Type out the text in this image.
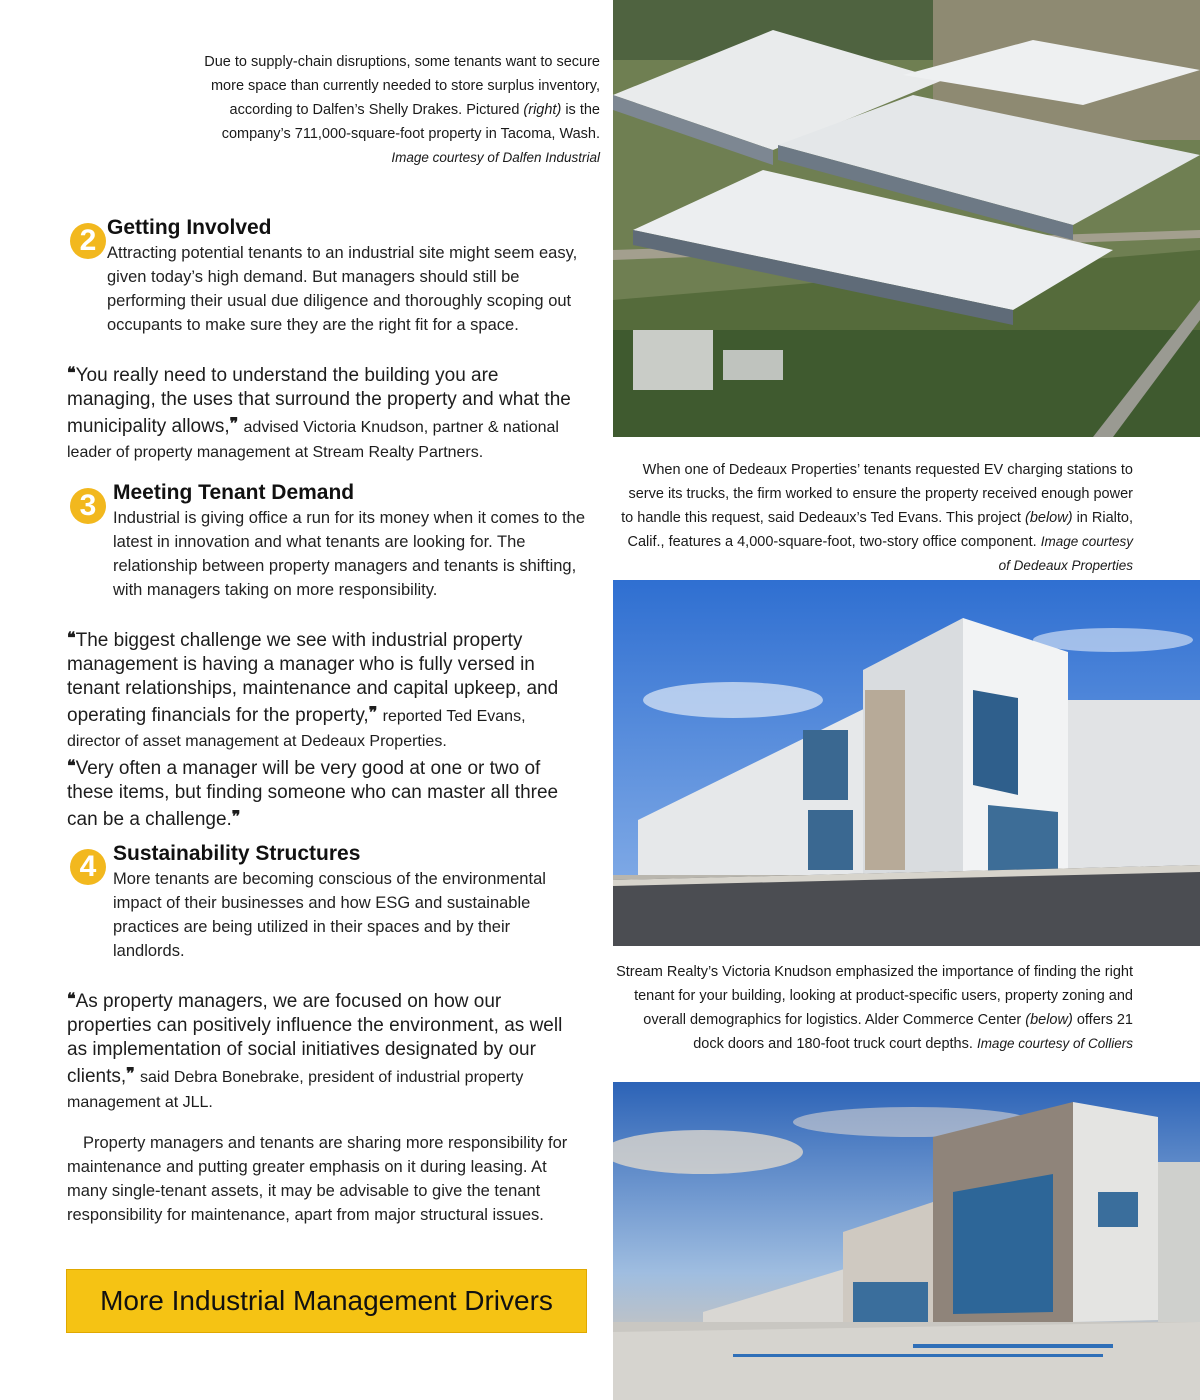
Due to supply-chain disruptions, some tenants want to secure more space than currently needed to store surplus inventory, according to Dalfen’s Shelly Drakes. Pictured (right) is the company’s 711,000-square-foot property in Tacoma, Wash. Image courtesy of Dalfen Industrial
2 Getting Involved
Attracting potential tenants to an industrial site might seem easy, given today’s high demand. But managers should still be performing their usual due diligence and thoroughly scoping out occupants to make sure they are the right fit for a space.
❝You really need to understand the building you are managing, the uses that surround the property and what the municipality allows,❞ advised Victoria Knudson, partner & national leader of property management at Stream Realty Partners.
When one of Dedeaux Properties’ tenants requested EV charging stations to serve its trucks, the firm worked to ensure the property received enough power to handle this request, said Dedeaux’s Ted Evans. This project (below) in Rialto, Calif., features a 4,000-square-foot, two-story office component. Image courtesy of Dedeaux Properties
3 Meeting Tenant Demand
Industrial is giving office a run for its money when it comes to the latest in innovation and what tenants are looking for. The relationship between property managers and tenants is shifting, with managers taking on more responsibility.
❝The biggest challenge we see with industrial property management is having a manager who is fully versed in tenant relationships, maintenance and capital upkeep, and operating financials for the property,❞ reported Ted Evans, director of asset management at Dedeaux Properties.
❝Very often a manager will be very good at one or two of these items, but finding someone who can master all three can be a challenge.❞
4 Sustainability Structures
More tenants are becoming conscious of the environmental impact of their businesses and how ESG and sustainable practices are being utilized in their spaces and by their landlords.
❝As property managers, we are focused on how our properties can positively influence the environment, as well as implementation of social initiatives designated by our clients,❞ said Debra Bonebrake, president of industrial property management at JLL.
Stream Realty’s Victoria Knudson emphasized the importance of finding the right tenant for your building, looking at product-specific users, property zoning and overall demographics for logistics. Alder Commerce Center (below) offers 21 dock doors and 180-foot truck court depths. Image courtesy of Colliers
Property managers and tenants are sharing more responsibility for maintenance and putting greater emphasis on it during leasing. At many single-tenant assets, it may be advisable to give the tenant responsibility for maintenance, apart from major structural issues.
More Industrial Management Drivers
